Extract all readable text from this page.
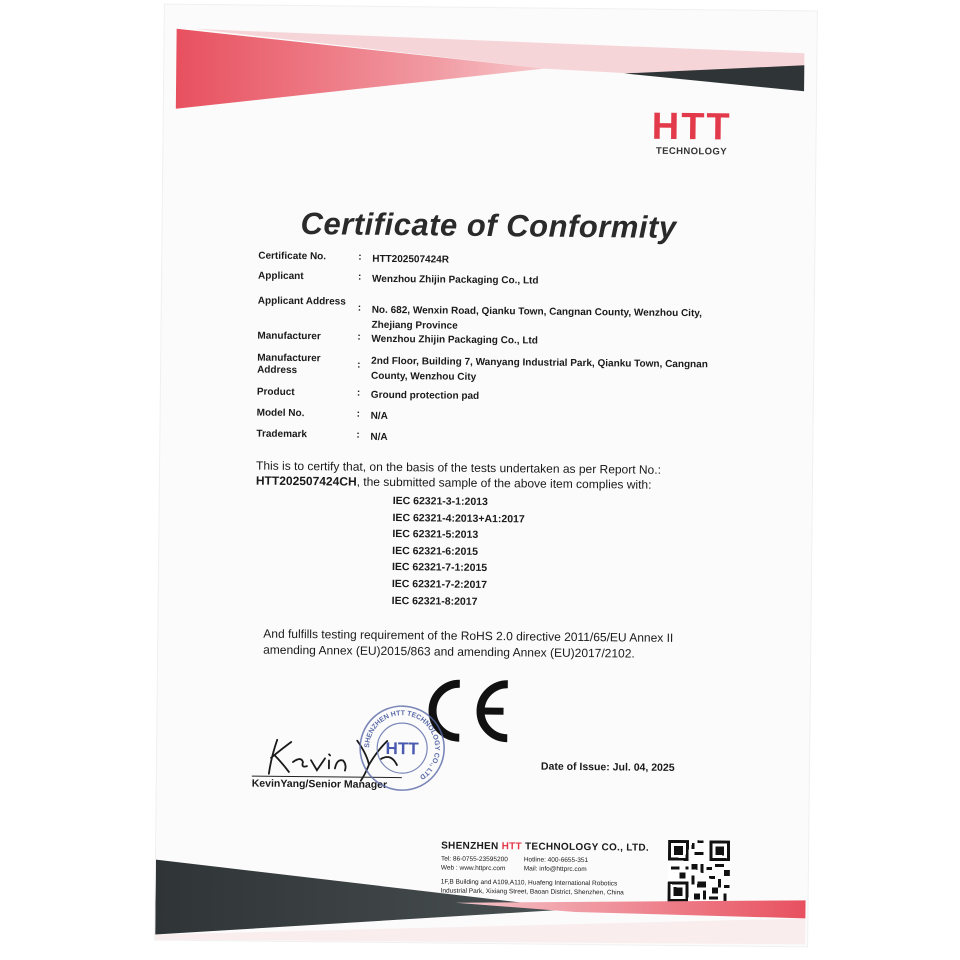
HTT
TECHNOLOGY
Certificate of Conformity
Certificate No.	: HTT202507424R
Applicant	: Wenzhou Zhijin Packaging Co., Ltd
Applicant Address
: No. 682, Wenxin Road, Qianku Town, Cangnan County, Wenzhou City, Zhejiang Province
Manufacturer	: Wenzhou Zhijin Packaging Co., Ltd
Manufacturer Address	: 2nd Floor, Building 7, Wanyang Industrial Park, Qianku Town, Cangnan County, Wenzhou City
Product	: Ground protection pad
Model No.	: N/A
Trademark	: N/A
This is to certify that, on the basis of the tests undertaken as per Report No.:
HTT202507424CH, the submitted sample of the above item complies with:
IEC 62321-3-1:2013
IEC 62321-4:2013+A1:2017
IEC 62321-5:2013
IEC 62321-6:2015
IEC 62321-7-1:2015
IEC 62321-7-2:2017
IEC 62321-8:2017
And fulfills testing requirement of the RoHS 2.0 directive 2011/65/EU Annex II
amending Annex (EU)2015/863 and amending Annex (EU)2017/2102.
KevinYang/Senior Manager
SHENZHEN HTT TECHNOLOGY CO., LTD
HTT
Date of Issue: Jul. 04, 2025
SHENZHEN HTT TECHNOLOGY CO., LTD.
Tel: 86-0755-23595200
Web : www.httprc.com
Hotline: 400-6655-351
Mail: info@httprc.com
1F,B Building and A109,A110, Huafeng International Robotics
Industrial Park, Xixiang Street, Baoan District, Shenzhen, China
